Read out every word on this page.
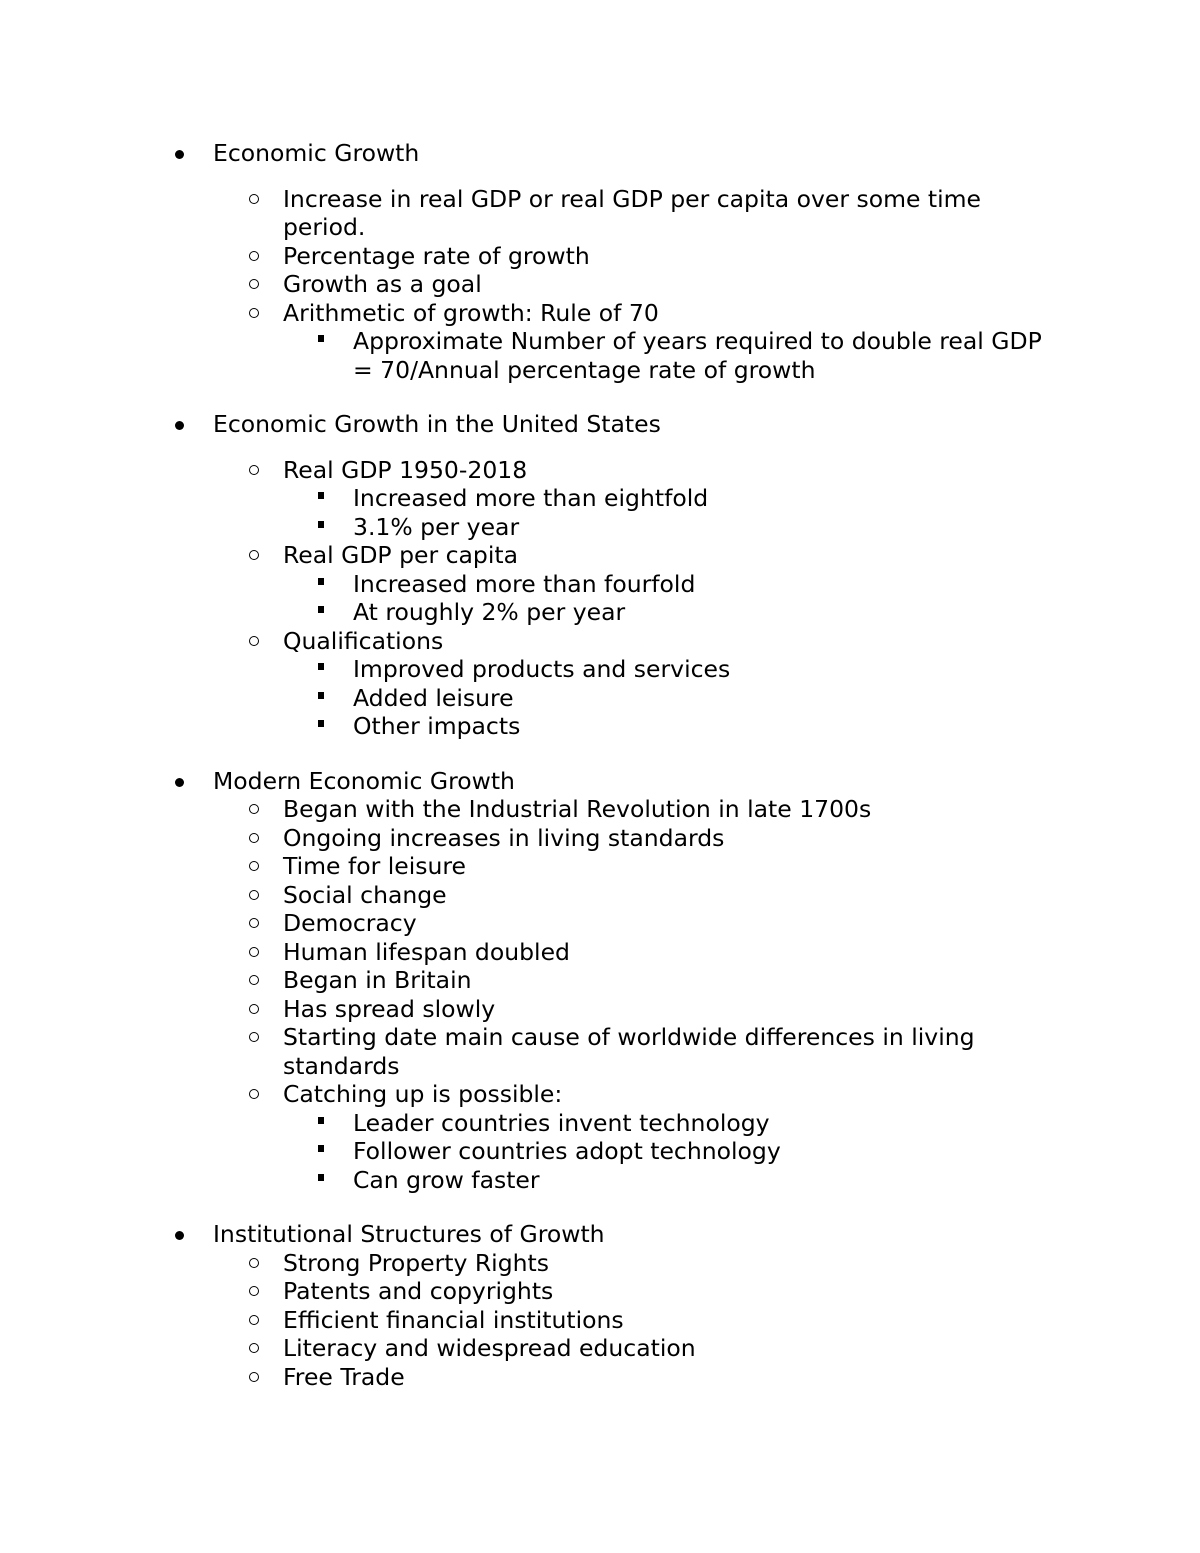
Economic Growth
Increase in real GDP or real GDP per capita over some time period.
Percentage rate of growth
Growth as a goal
Arithmetic of growth: Rule of 70
Approximate Number of years required to double real GDP = 70/Annual percentage rate of growth
Economic Growth in the United States
Real GDP 1950-2018
Increased more than eightfold
3.1% per year
Real GDP per capita
Increased more than fourfold
At roughly 2% per year
Qualifications
Improved products and services
Added leisure
Other impacts
Modern Economic Growth
Began with the Industrial Revolution in late 1700s
Ongoing increases in living standards
Time for leisure
Social change
Democracy
Human lifespan doubled
Began in Britain
Has spread slowly
Starting date main cause of worldwide differences in living standards
Catching up is possible:
Leader countries invent technology
Follower countries adopt technology
Can grow faster
Institutional Structures of Growth
Strong Property Rights
Patents and copyrights
Efficient financial institutions
Literacy and widespread education
Free Trade
